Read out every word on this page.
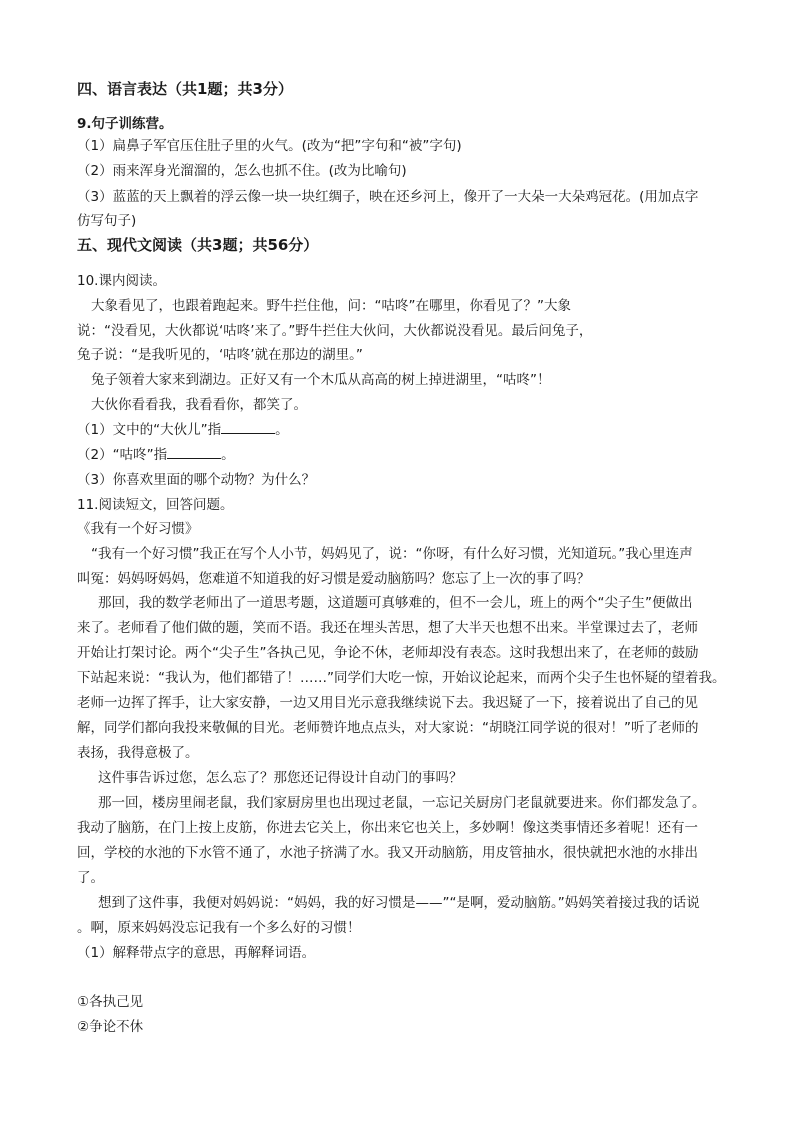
四、语言表达（共1题；共3分）
9.句子训练营。
（1）扁鼻子军官压住肚子里的火气。(改为“把”字句和“被”字句)
（2）雨来浑身光溜溜的，怎么也抓不住。(改为比喻句)
（3）蓝蓝的天上飘着的浮云像一块一块红绸子，映在还乡河上，像开了一大朵一大朵鸡冠花。(用加点字
仿写句子)
五、现代文阅读（共3题；共56分）
10.课内阅读。
大象看见了，也跟着跑起来。野牛拦住他，问：“咕咚”在哪里，你看见了？”大象
说：“没看见，大伙都说‘咕咚’来了。”野牛拦住大伙问，大伙都说没看见。最后问兔子，
兔子说：“是我听见的，‘咕咚’就在那边的湖里。”
兔子领着大家来到湖边。正好又有一个木瓜从高高的树上掉进湖里，“咕咚”！
大伙你看看我，我看看你，都笑了。
（1）文中的“大伙儿”指	。
（2）“咕咚”指	。
（3）你喜欢里面的哪个动物？为什么？
11.阅读短文，回答问题。
《我有一个好习惯》
“我有一个好习惯”我正在写个人小节，妈妈见了，说：“你呀，有什么好习惯，光知道玩。”我心里连声
叫冤：妈妈呀妈妈，您难道不知道我的好习惯是爱动脑筋吗？您忘了上一次的事了吗？
那回，我的数学老师出了一道思考题，这道题可真够难的，但不一会儿，班上的两个“尖子生”便做出
来了。老师看了他们做的题，笑而不语。我还在埋头苦思，想了大半天也想不出来。半堂课过去了，老师
开始让打架讨论。两个“尖子生”各执己见，争论不休，老师却没有表态。这时我想出来了，在老师的鼓励
下站起来说：“我认为，他们都错了！……”同学们大吃一惊，开始议论起来，而两个尖子生也怀疑的望着我。
老师一边挥了挥手，让大家安静，一边又用目光示意我继续说下去。我迟疑了一下，接着说出了自己的见
解，同学们都向我投来敬佩的目光。老师赞许地点点头，对大家说：“胡晓江同学说的很对！”听了老师的
表扬，我得意极了。
这件事告诉过您，怎么忘了？那您还记得设计自动门的事吗？
那一回，楼房里闹老鼠，我们家厨房里也出现过老鼠，一忘记关厨房门老鼠就要进来。你们都发急了。
我动了脑筋，在门上按上皮筋，你进去它关上，你出来它也关上，多妙啊！像这类事情还多着呢！还有一
回，学校的水池的下水管不通了，水池子挤满了水。我又开动脑筋，用皮管抽水，很快就把水池的水排出
了。
想到了这件事，我便对妈妈说：“妈妈，我的好习惯是——”“是啊，爱动脑筋。”妈妈笑着接过我的话说
。啊，原来妈妈没忘记我有一个多么好的习惯！
（1）解释带点字的意思，再解释词语。
①各执己见
②争论不休
